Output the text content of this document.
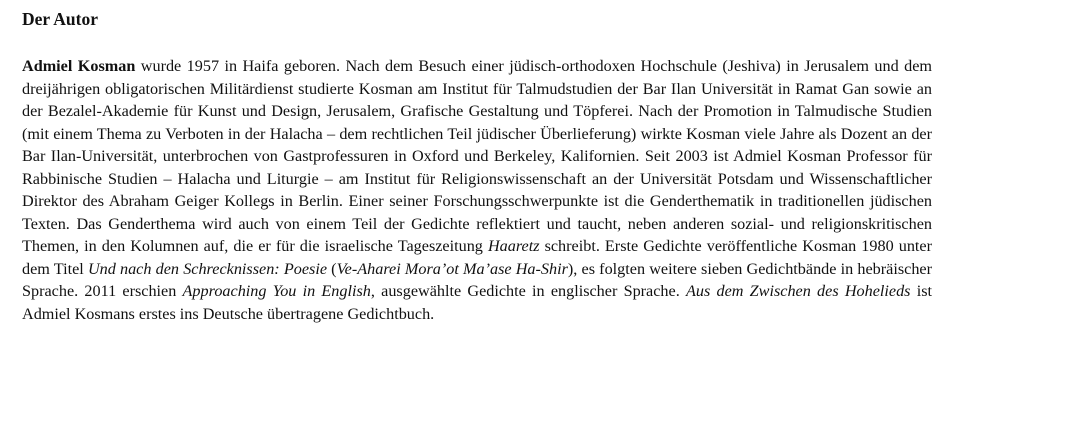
Der Autor

Admiel Kosman wurde 1957 in Haifa geboren. Nach dem Besuch einer jüdisch-orthodoxen Hochschule (Jeshiva) in Jerusalem und dem dreijährigen obligatorischen Militärdienst studierte Kosman am Institut für Talmudstudien der Bar Ilan Universität in Ramat Gan sowie an der Bezalel-Akademie für Kunst und Design, Jerusalem, Grafische Gestaltung und Töpferei. Nach der Promotion in Talmudische Studien (mit einem Thema zu Verboten in der Halacha – dem rechtlichen Teil jüdischer Überlieferung) wirkte Kosman viele Jahre als Dozent an der Bar Ilan-Universität, unterbrochen von Gastprofessuren in Oxford und Berkeley, Kalifornien. Seit 2003 ist Admiel Kosman Professor für Rabbinische Studien – Halacha und Liturgie – am Institut für Religionswissenschaft an der Universität Potsdam und Wissenschaftlicher Direktor des Abraham Geiger Kollegs in Berlin. Einer seiner Forschungsschwerpunkte ist die Genderthematik in traditionellen jüdischen Texten. Das Genderthema wird auch von einem Teil der Gedichte reflektiert und taucht, neben anderen sozial- und religionskritischen Themen, in den Kolumnen auf, die er für die israelische Tageszeitung Haaretz schreibt. Erste Gedichte veröffentliche Kosman 1980 unter dem Titel Und nach den Schrecknissen: Poesie (Ve-Aharei Mora’ot Ma’ase Ha-Shir), es folgten weitere sieben Gedichtbände in hebräischer Sprache. 2011 erschien Approaching You in English, ausgewählte Gedichte in englischer Sprache. Aus dem Zwischen des Hohelieds ist Admiel Kosmans erstes ins Deutsche übertragene Gedichtbuch.
